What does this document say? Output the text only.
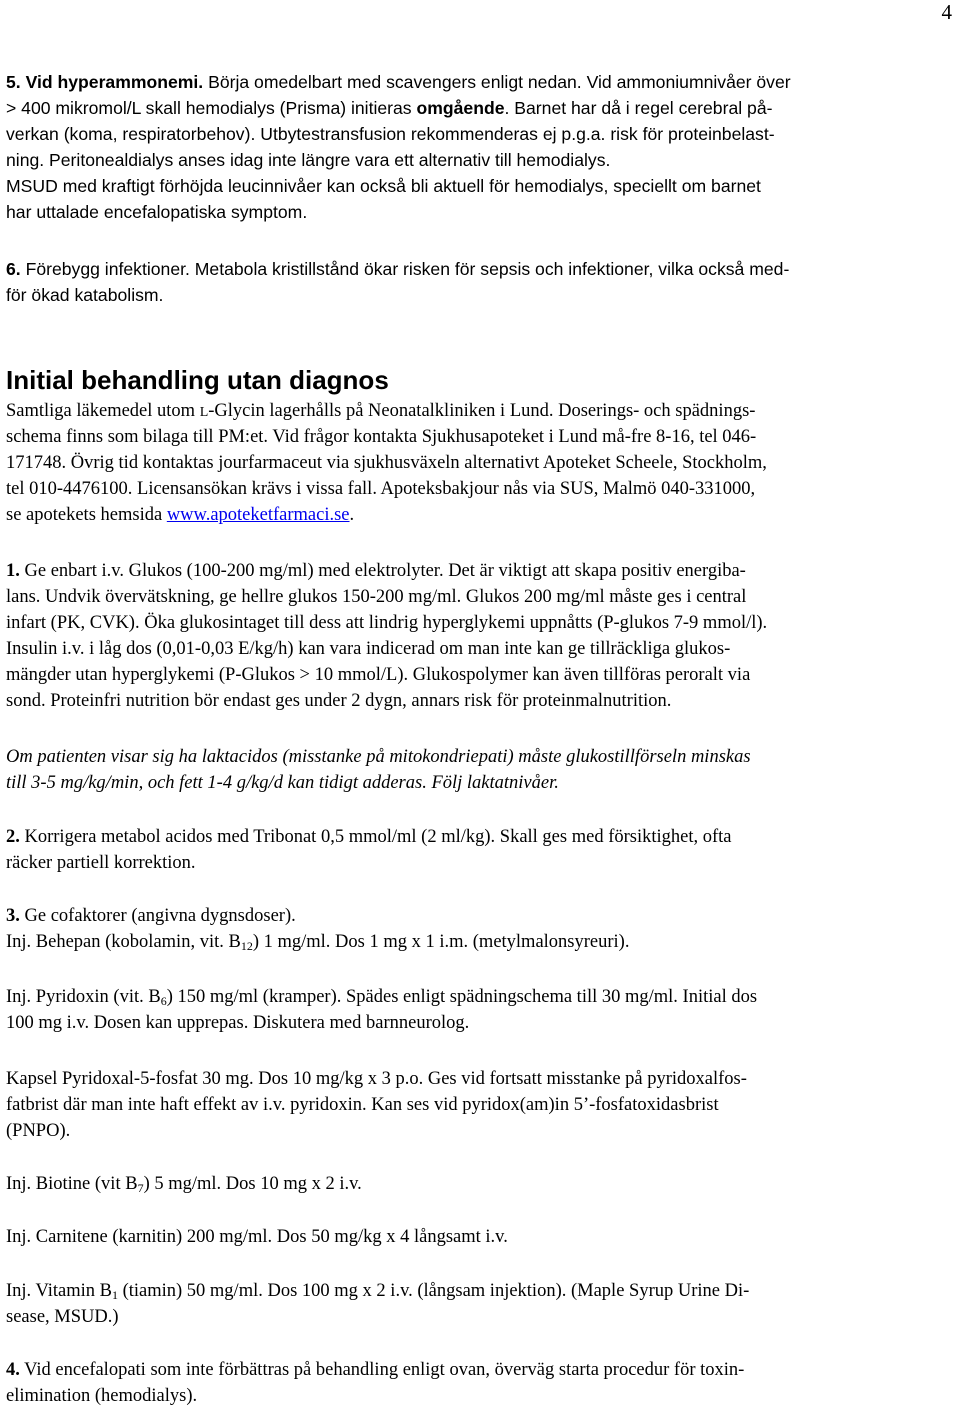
4
5. Vid hyperammonemi. Börja omedelbart med scavengers enligt nedan. Vid ammoniumnivåer över
> 400 mikromol/L skall hemodialys (Prisma) initieras omgående. Barnet har då i regel cerebral på-
verkan (koma, respiratorbehov). Utbytestransfusion rekommenderas ej p.g.a. risk för proteinbelast-
ning. Peritonealdialys anses idag inte längre vara ett alternativ till hemodialys.
MSUD med kraftigt förhöjda leucinnivåer kan också bli aktuell för hemodialys, speciellt om barnet
har uttalade encefalopatiska symptom.
6. Förebygg infektioner. Metabola kristillstånd ökar risken för sepsis och infektioner, vilka också med-
för ökad katabolism.
Initial behandling utan diagnos
Samtliga läkemedel utom L-Glycin lagerhålls på Neonatalkliniken i Lund. Doserings- och spädnings-
schema finns som bilaga till PM:et. Vid frågor kontakta Sjukhusapoteket i Lund må-fre 8-16, tel 046-
171748. Övrig tid kontaktas jourfarmaceut via sjukhusväxeln alternativt Apoteket Scheele, Stockholm,
tel 010-4476100. Licensansökan krävs i vissa fall. Apoteksbakjour nås via SUS, Malmö 040-331000,
se apotekets hemsida www.apoteketfarmaci.se.
1. Ge enbart i.v. Glukos (100-200 mg/ml) med elektrolyter. Det är viktigt att skapa positiv energiba-
lans. Undvik övervätskning, ge hellre glukos 150-200 mg/ml. Glukos 200 mg/ml måste ges i central
infart (PK, CVK). Öka glukosintaget till dess att lindrig hyperglykemi uppnåtts (P-glukos 7-9 mmol/l).
Insulin i.v. i låg dos (0,01-0,03 E/kg/h) kan vara indicerad om man inte kan ge tillräckliga glukos-
mängder utan hyperglykemi (P-Glukos > 10 mmol/L). Glukospolymer kan även tillföras peroralt via
sond. Proteinfri nutrition bör endast ges under 2 dygn, annars risk för proteinmalnutrition.
Om patienten visar sig ha laktacidos (misstanke på mitokondriepati) måste glukostillförseln minskas
till 3-5 mg/kg/min, och fett 1-4 g/kg/d kan tidigt adderas. Följ laktatnivåer.
2. Korrigera metabol acidos med Tribonat 0,5 mmol/ml (2 ml/kg). Skall ges med försiktighet, ofta
räcker partiell korrektion.
3. Ge cofaktorer (angivna dygnsdoser).
Inj. Behepan (kobolamin, vit. $B_{12}$) 1 mg/ml. Dos 1 mg x 1 i.m. (metylmalonsyreuri).
Inj. Pyridoxin (vit. $B_6$) 150 mg/ml (kramper). Spädes enligt spädningschema till 30 mg/ml. Initial dos
100 mg i.v. Dosen kan upprepas. Diskutera med barnneurolog.
Kapsel Pyridoxal-5-fosfat 30 mg. Dos 10 mg/kg x 3 p.o. Ges vid fortsatt misstanke på pyridoxalfos-
fatbrist där man inte haft effekt av i.v. pyridoxin. Kan ses vid pyridox(am)in 5’-fosfatoxidasbrist
(PNPO).
Inj. Biotine (vit $B_7$) 5 mg/ml. Dos 10 mg x 2 i.v.
Inj. Carnitene (karnitin) 200 mg/ml. Dos 50 mg/kg x 4 långsamt i.v.
Inj. Vitamin $B_1$ (tiamin) 50 mg/ml. Dos 100 mg x 2 i.v. (långsam injektion). (Maple Syrup Urine Di-
sease, MSUD.)
4. Vid encefalopati som inte förbättras på behandling enligt ovan, överväg starta procedur för toxin-
elimination (hemodialys).
